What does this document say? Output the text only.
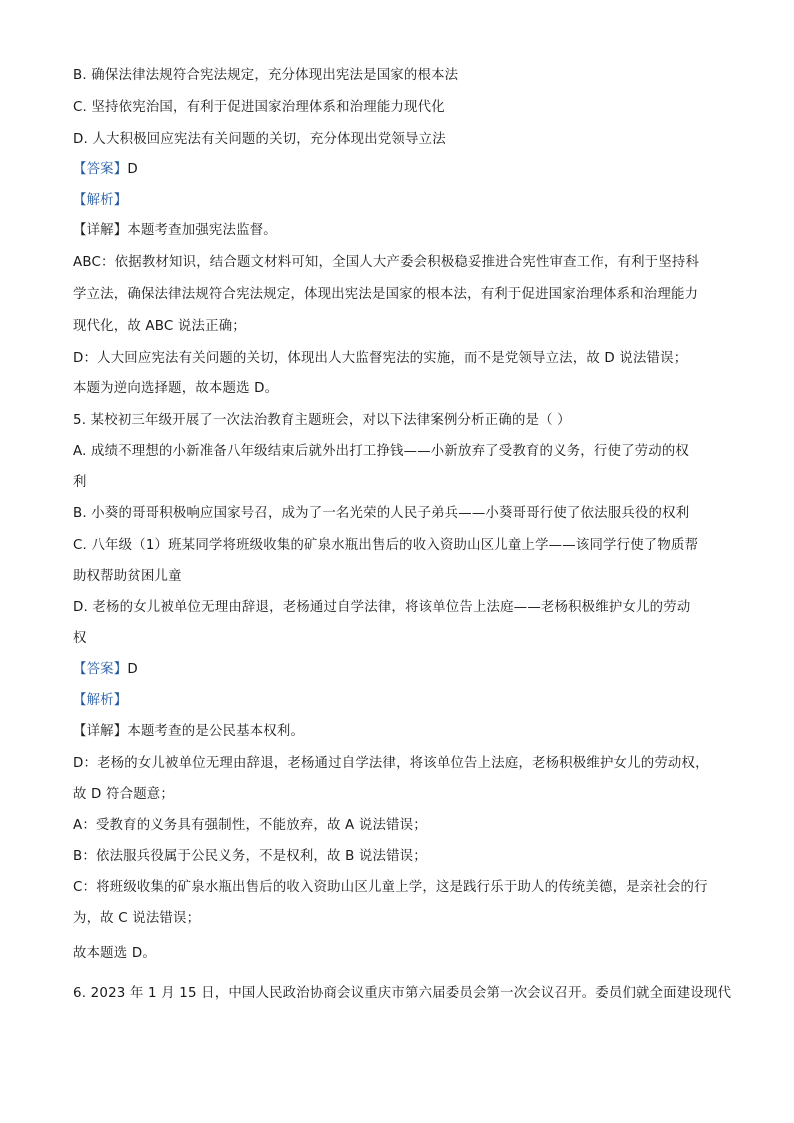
B. 确保法律法规符合宪法规定，充分体现出宪法是国家的根本法
C. 坚持依宪治国，有利于促进国家治理体系和治理能力现代化
D. 人大积极回应宪法有关问题的关切，充分体现出党领导立法
【答案】D
【解析】
【详解】本题考查加强宪法监督。
ABC：依据教材知识，结合题文材料可知，全国人大产委会积极稳妥推进合宪性审查工作，有利于坚持科
学立法，确保法律法规符合宪法规定，体现出宪法是国家的根本法，有利于促进国家治理体系和治理能力
现代化，故 ABC 说法正确；
D：人大回应宪法有关问题的关切，体现出人大监督宪法的实施，而不是党领导立法，故 D 说法错误；
本题为逆向选择题，故本题选 D。
5. 某校初三年级开展了一次法治教育主题班会，对以下法律案例分析正确的是（ ）
A. 成绩不理想的小新准备八年级结束后就外出打工挣钱——小新放弃了受教育的义务，行使了劳动的权
利
B. 小葵的哥哥积极响应国家号召，成为了一名光荣的人民子弟兵——小葵哥哥行使了依法服兵役的权利
C. 八年级（1）班某同学将班级收集的矿泉水瓶出售后的收入资助山区儿童上学——该同学行使了物质帮
助权帮助贫困儿童
D. 老杨的女儿被单位无理由辞退，老杨通过自学法律，将该单位告上法庭——老杨积极维护女儿的劳动
权
【答案】D
【解析】
【详解】本题考查的是公民基本权利。
D：老杨的女儿被单位无理由辞退，老杨通过自学法律，将该单位告上法庭，老杨积极维护女儿的劳动权，
故 D 符合题意；
A：受教育的义务具有强制性，不能放弃，故 A 说法错误；
B：依法服兵役属于公民义务，不是权利，故 B 说法错误；
C：将班级收集的矿泉水瓶出售后的收入资助山区儿童上学，这是践行乐于助人的传统美德，是亲社会的行
为，故 C 说法错误；
故本题选 D。
6. 2023 年 1 月 15 日，中国人民政治协商会议重庆市第六届委员会第一次会议召开。委员们就全面建设现代
